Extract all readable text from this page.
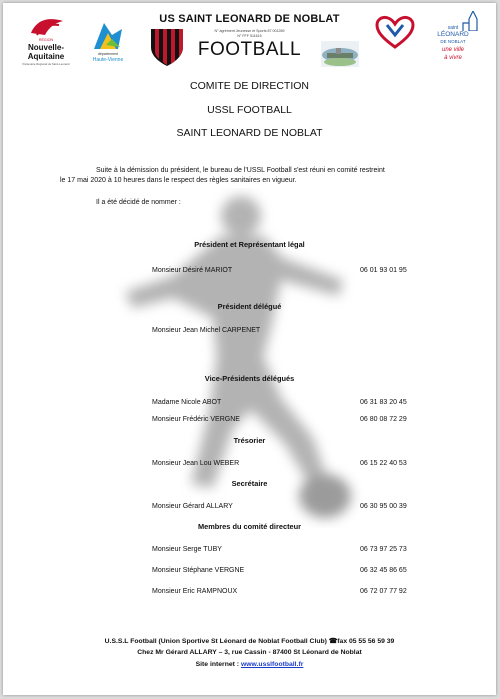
RÉGION
Nouvelle-
Aquitaine
Partenaire Régional de Saint-Léonard
département
Haute-Vienne
US SAINT LEONARD DE NOBLAT
N° agrément Jeunesse et Sports 87 001289
N° FFF 511615
FOOTBALL
saint
LÉONARD
DE NOBLAT
une ville
à vivre
COMITE DE DIRECTION
USSL FOOTBALL
SAINT LEONARD DE NOBLAT
Suite à la démission du président, le bureau de l'USSL Football s'est réuni en comité restreint
le 17 mai 2020 à 10 heures dans le respect des règles sanitaires en vigueur.
Il a été décidé de nommer :
Président et Représentant légal
Monsieur Désiré MARIOT	06 01 93 01 95
Président délégué
Monsieur Jean Michel CARPENET
Vice-Présidents délégués
Madame Nicole ABOT	06 31 83 20 45
Monsieur Frédéric VERGNE	06 80 08 72 29
Trésorier
Monsieur Jean Lou WEBER	06 15 22 40 53
Secrétaire
Monsieur Gérard ALLARY	06 30 95 00 39
Membres du comité directeur
Monsieur Serge TUBY	06 73 97 25 73
Monsieur Stéphane VERGNE	06 32 45 86 65
Monsieur Eric RAMPNOUX	06 72 07 77 92
U.S.S.L Football (Union Sportive St Léonard de Noblat Football Club) ☎fax 05 55 56 59 39
Chez Mr Gérard ALLARY – 3, rue Cassin - 87400 St Léonard de Noblat
Site internet : www.usslfootball.fr
